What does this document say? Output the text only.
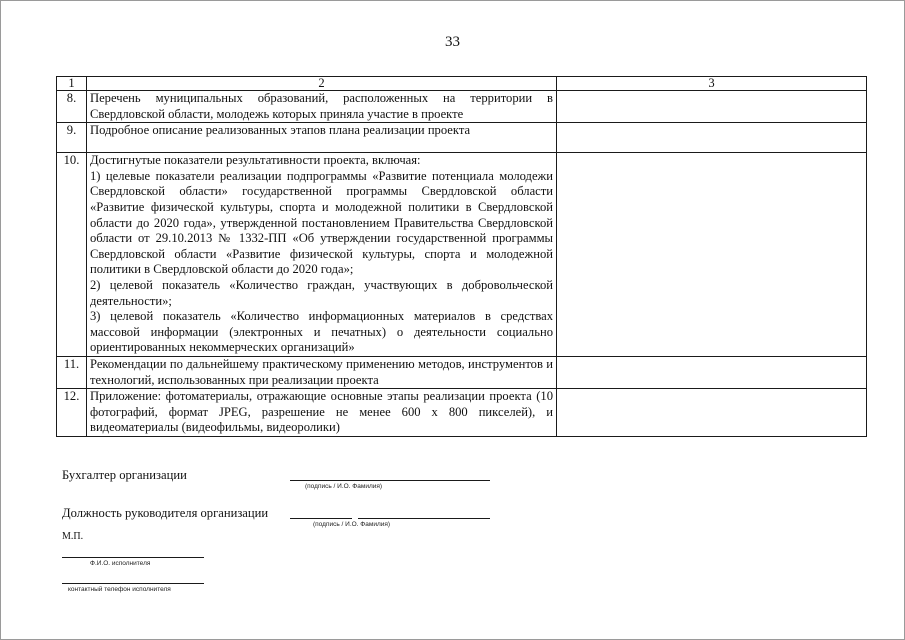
33
1	2	3
8.	Перечень муниципальных образований, расположенных на территории в Свердловской области, молодежь которых приняла участие в проекте	

9.	Подробное описание реализованных этапов плана реализации проекта	

10.	Достигнутые показатели результативности проекта, включая:
1) целевые показатели реализации подпрограммы «Развитие потенциала молодежи Свердловской области» государственной программы Свердловской области «Развитие физической культуры, спорта и молодежной политики в Свердловской области до 2020 года», утвержденной постановлением Правительства Свердловской области от 29.10.2013 № 1332-ПП «Об утверждении государственной программы Свердловской области «Развитие физической культуры, спорта и молодежной политики в Свердловской области до 2020 года»;
2) целевой показатель «Количество граждан, участвующих в добровольческой деятельности»;
3) целевой показатель «Количество информационных материалов в средствах массовой информации (электронных и печатных) о деятельности социально ориентированных некоммерческих организаций»	

11.	Рекомендации по дальнейшему практическому применению методов, инструментов и технологий, использованных при реализации проекта	

12.	Приложение: фотоматериалы, отражающие основные этапы реализации проекта (10 фотографий, формат JPEG, разрешение не менее 600 x 800 пикселей), и видеоматериалы (видеофильмы, видеоролики)	

Бухгалтер организации
(подпись / И.О. Фамилия)
Должность руководителя организации
(подпись / И.О. Фамилия)
М.П.
Ф.И.О. исполнителя
контактный телефон исполнителя
